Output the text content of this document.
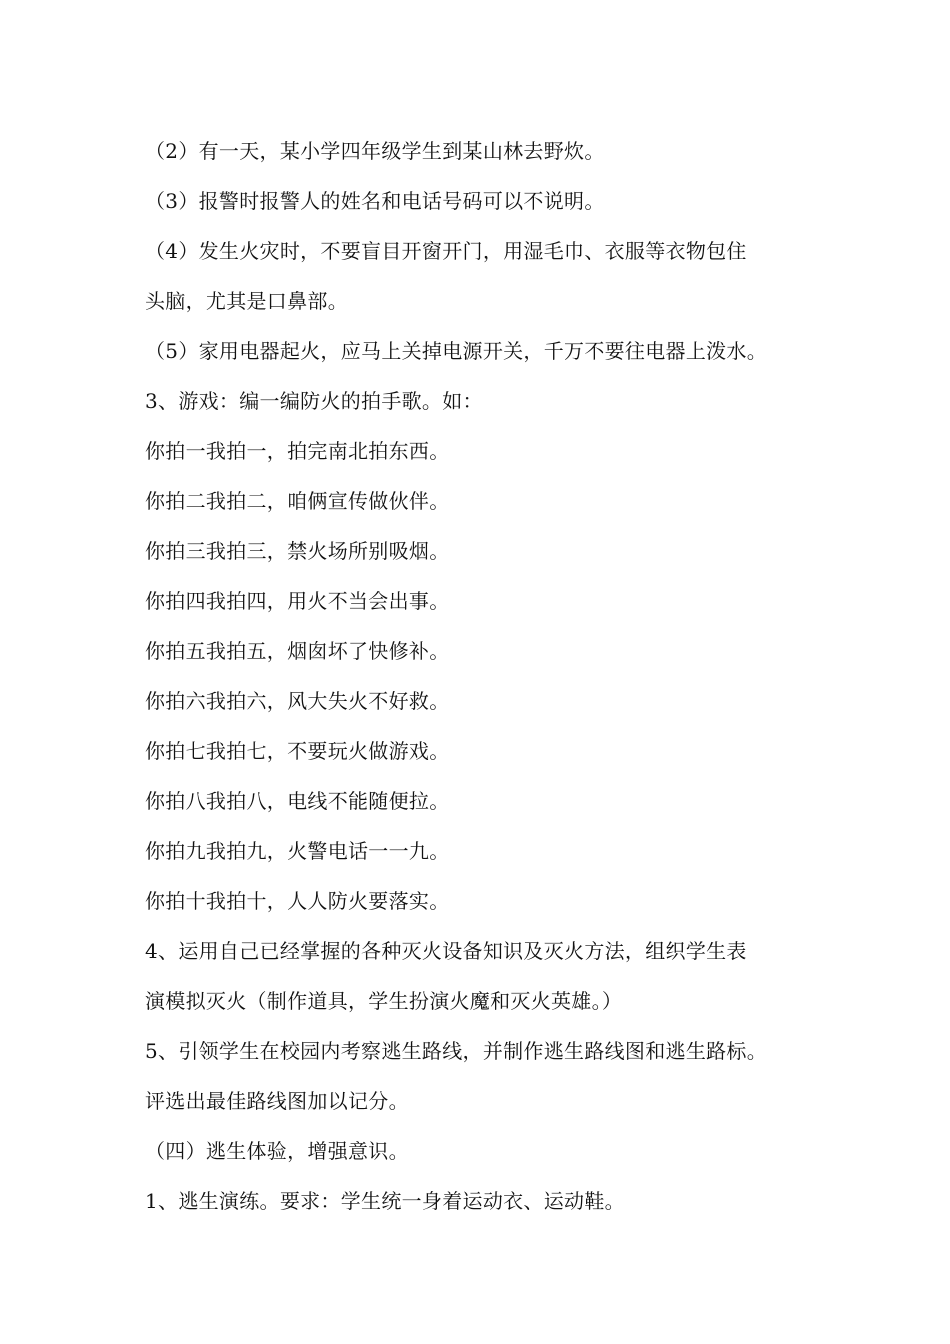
（2）有一天，某小学四年级学生到某山林去野炊。
（3）报警时报警人的姓名和电话号码可以不说明。
（4）发生火灾时，不要盲目开窗开门，用湿毛巾、衣服等衣物包住
头脑，尤其是口鼻部。
（5）家用电器起火，应马上关掉电源开关，千万不要往电器上泼水。
3、游戏：编一编防火的拍手歌。如：
你拍一我拍一，拍完南北拍东西。
你拍二我拍二，咱俩宣传做伙伴。
你拍三我拍三，禁火场所别吸烟。
你拍四我拍四，用火不当会出事。
你拍五我拍五，烟囱坏了快修补。
你拍六我拍六，风大失火不好救。
你拍七我拍七，不要玩火做游戏。
你拍八我拍八，电线不能随便拉。
你拍九我拍九，火警电话一一九。
你拍十我拍十，人人防火要落实。
4、运用自己已经掌握的各种灭火设备知识及灭火方法，组织学生表
演模拟灭火（制作道具，学生扮演火魔和灭火英雄。）
5、引领学生在校园内考察逃生路线，并制作逃生路线图和逃生路标。
评选出最佳路线图加以记分。
（四）逃生体验，增强意识。
1、逃生演练。要求：学生统一身着运动衣、运动鞋。
